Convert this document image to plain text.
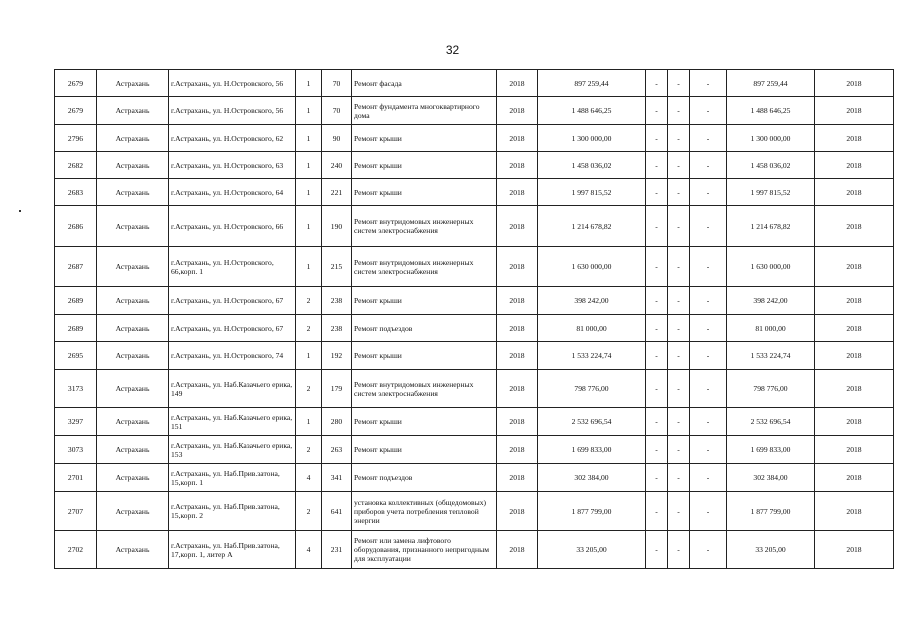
32
2679	Астрахань	г.Астрахань, ул. Н.Островского, 56	1	70	Ремонт фасада	2018	897 259,44	-	-	-	897 259,44	2018
2679	Астрахань	г.Астрахань, ул. Н.Островского, 56	1	70	Ремонт фундамента многоквартирного дома	2018	1 488 646,25	-	-	-	1 488 646,25	2018
2796	Астрахань	г.Астрахань, ул. Н.Островского, 62	1	90	Ремонт крыши	2018	1 300 000,00	-	-	-	1 300 000,00	2018
2682	Астрахань	г.Астрахань, ул. Н.Островского, 63	1	240	Ремонт крыши	2018	1 458 036,02	-	-	-	1 458 036,02	2018
2683	Астрахань	г.Астрахань, ул. Н.Островского, 64	1	221	Ремонт крыши	2018	1 997 815,52	-	-	-	1 997 815,52	2018
2686	Астрахань	г.Астрахань, ул. Н.Островского, 66	1	190	Ремонт внутридомовых инженерных систем электроснабжения	2018	1 214 678,82	-	-	-	1 214 678,82	2018
2687	Астрахань	г.Астрахань, ул. Н.Островского, 66,корп. 1	1	215	Ремонт внутридомовых инженерных систем электроснабжения	2018	1 630 000,00	-	-	-	1 630 000,00	2018
2689	Астрахань	г.Астрахань, ул. Н.Островского, 67	2	238	Ремонт крыши	2018	398 242,00	-	-	-	398 242,00	2018
2689	Астрахань	г.Астрахань, ул. Н.Островского, 67	2	238	Ремонт подъездов	2018	81 000,00	-	-	-	81 000,00	2018
2695	Астрахань	г.Астрахань, ул. Н.Островского, 74	1	192	Ремонт крыши	2018	1 533 224,74	-	-	-	1 533 224,74	2018
3173	Астрахань	г.Астрахань, ул. Наб.Казачьего ерика, 149	2	179	Ремонт внутридомовых инженерных систем электроснабжения	2018	798 776,00	-	-	-	798 776,00	2018
3297	Астрахань	г.Астрахань, ул. Наб.Казачьего ерика, 151	1	280	Ремонт крыши	2018	2 532 696,54	-	-	-	2 532 696,54	2018
3073	Астрахань	г.Астрахань, ул. Наб.Казачьего ерика, 153	2	263	Ремонт крыши	2018	1 699 833,00	-	-	-	1 699 833,00	2018
2701	Астрахань	г.Астрахань, ул. Наб.Прив.затона, 15,корп. 1	4	341	Ремонт подъездов	2018	302 384,00	-	-	-	302 384,00	2018
2707	Астрахань	г.Астрахань, ул. Наб.Прив.затона, 15,корп. 2	2	641	установка коллективных (общедомовых) приборов учета потребления тепловой энергии	2018	1 877 799,00	-	-	-	1 877 799,00	2018
2702	Астрахань	г.Астрахань, ул. Наб.Прив.затона, 17,корп. 1, литер А	4	231	Ремонт или замена лифтового оборудования, признанного непригодным для эксплуатации	2018	33 205,00	-	-	-	33 205,00	2018
